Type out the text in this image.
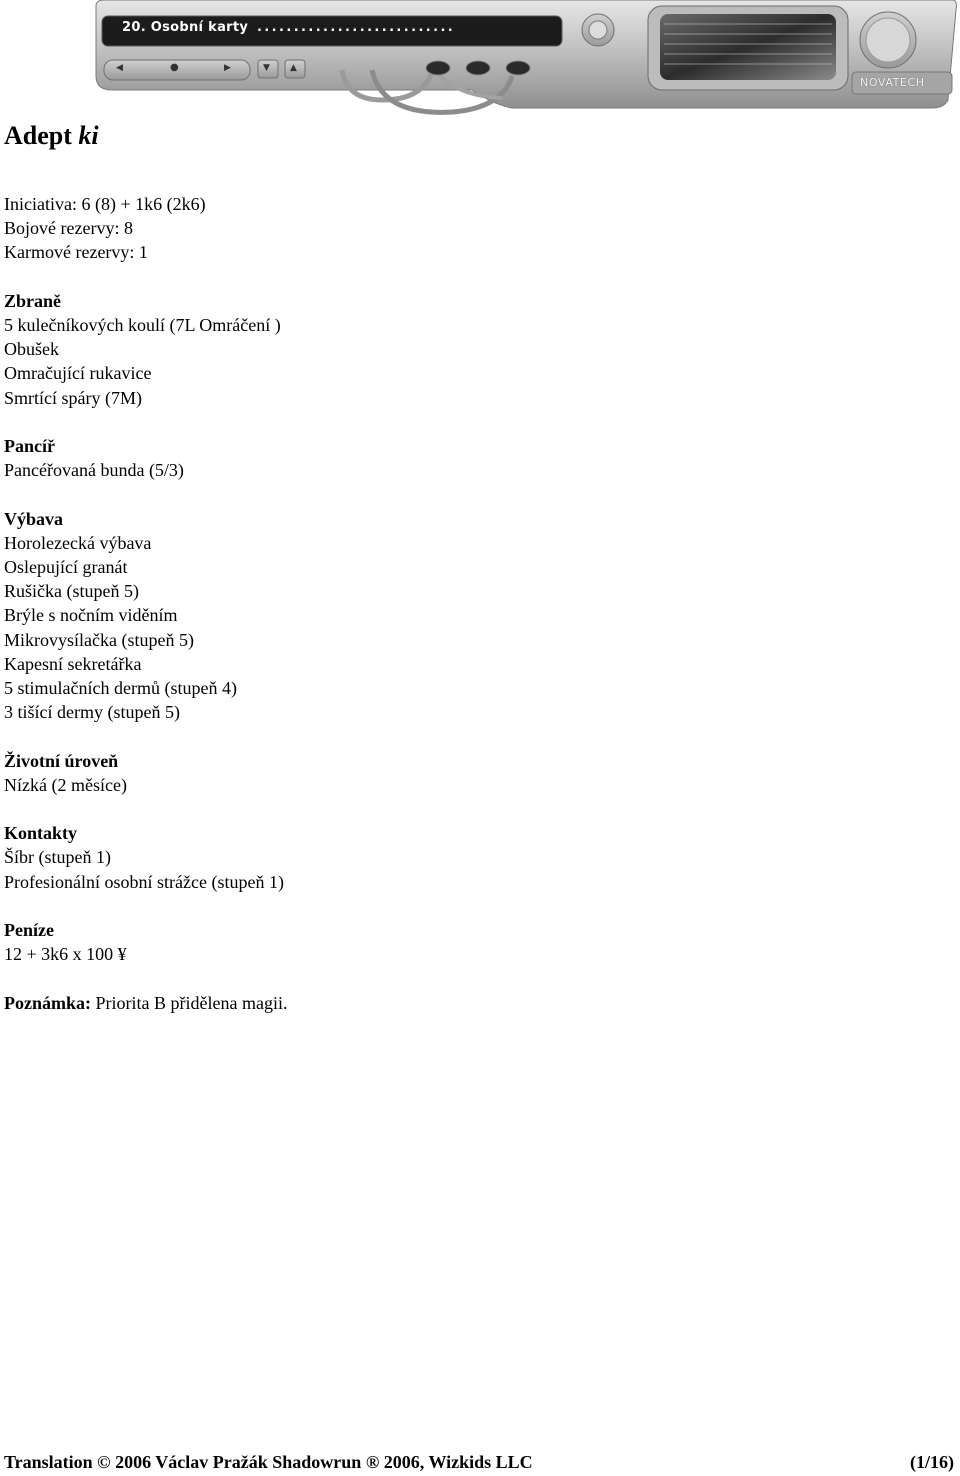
◀	●	▶	▼ ▲
20. Osobní karty ...........................
NOVATECH
Adept ki
Iniciativa: 6 (8) + 1k6 (2k6)
Bojové rezervy: 8
Karmové rezervy: 1
Zbraně
5 kulečníkových koulí (7L Omráčení )
Obušek
Omračující rukavice
Smrtící spáry (7M)
Pancíř
Pancéřovaná bunda (5/3)
Výbava
Horolezecká výbava
Oslepující granát
Rušička (stupeň 5)
Brýle s nočním viděním
Mikrovysílačka (stupeň 5)
Kapesní sekretářka
5 stimulačních dermů (stupeň 4)
3 tišící dermy (stupeň 5)
Životní úroveň
Nízká (2 měsíce)
Kontakty
Šíbr (stupeň 1)
Profesionální osobní strážce (stupeň 1)
Peníze
12 + 3k6 x 100 ¥
Poznámka: Priorita B přidělena magii.
Translation © 2006 Václav Pražák Shadowrun ® 2006, Wizkids LLC	(1/16)
